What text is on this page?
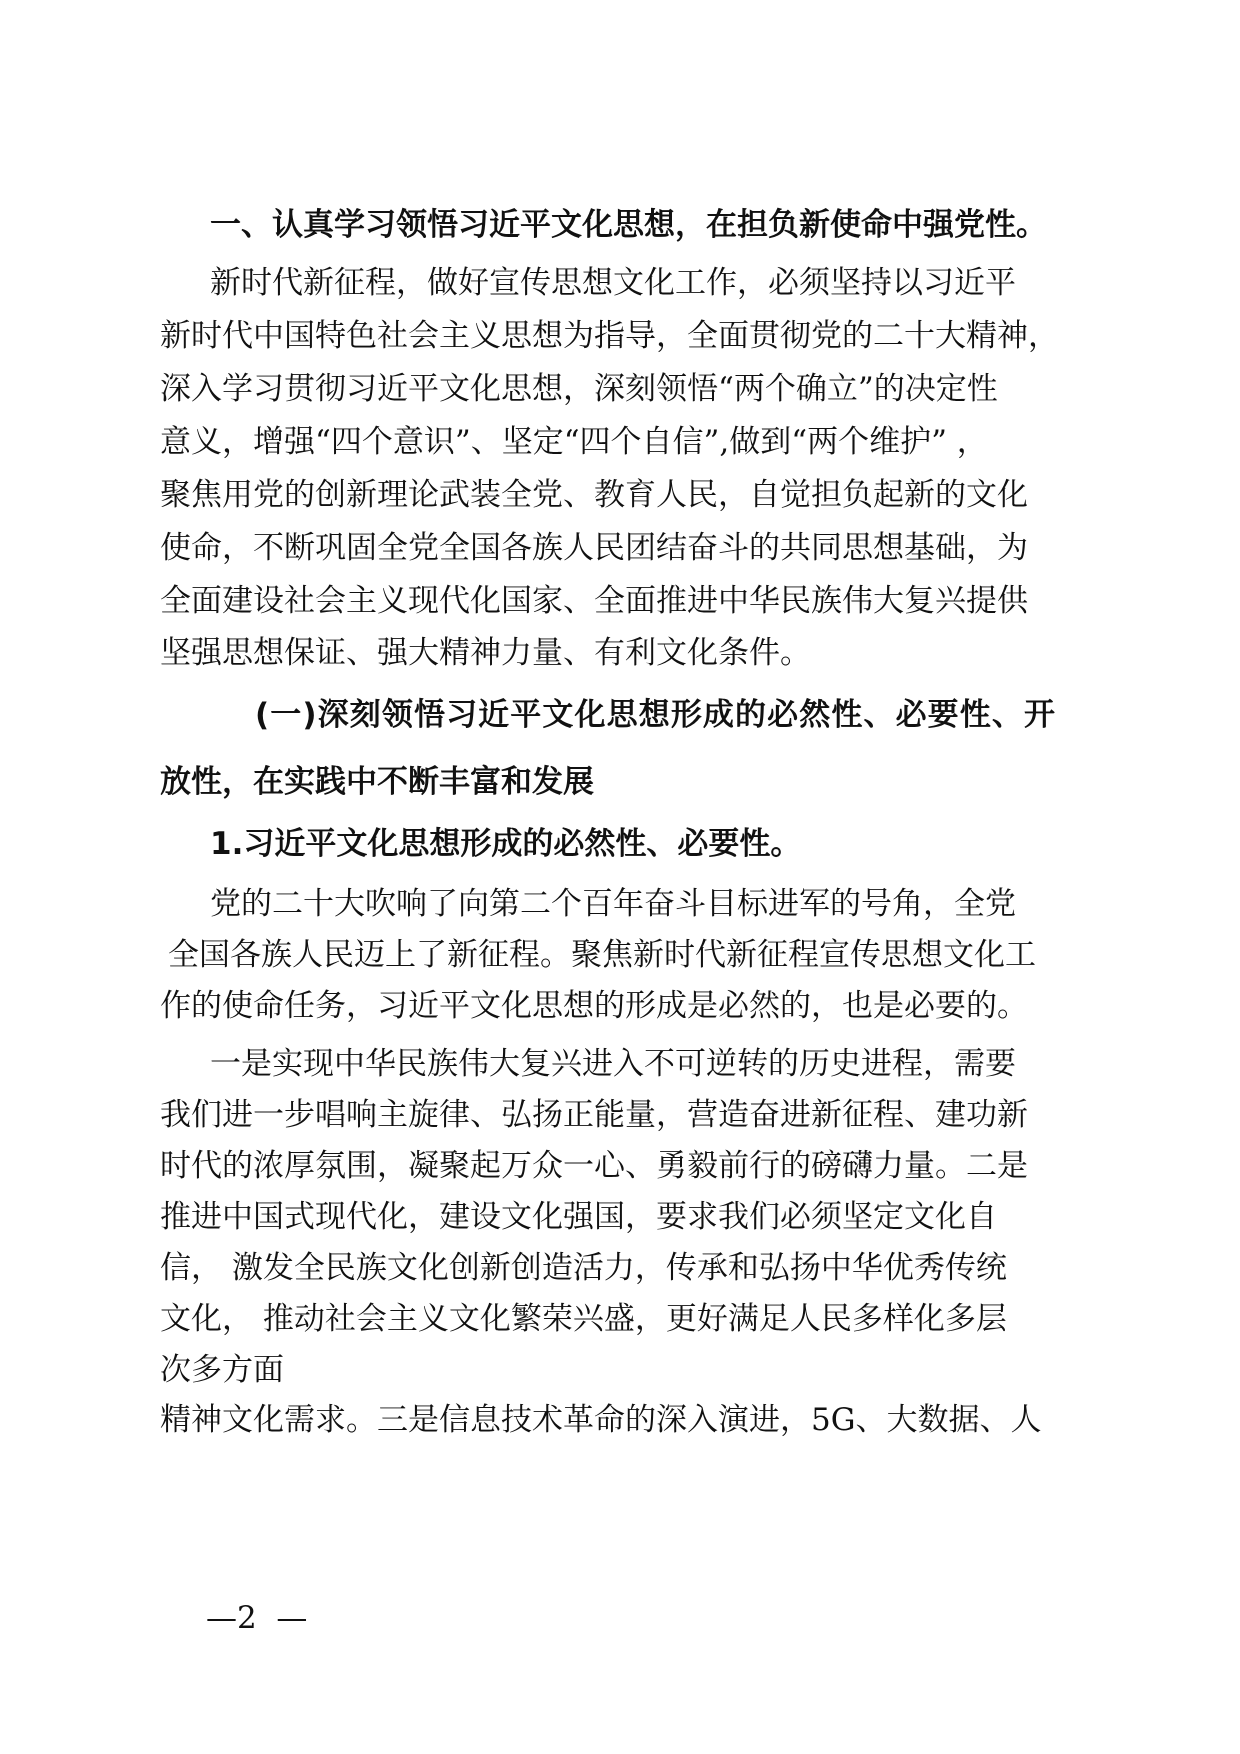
一、认真学习领悟习近平文化思想，在担负新使命中强党性。

新时代新征程，做好宣传思想文化工作，必须坚持以习近平

新时代中国特色社会主义思想为指导，全面贯彻党的二十大精神，

深入学习贯彻习近平文化思想，深刻领悟“两个确立”的决定性

意义，增强“四个意识”、坚定“四个自信”,做到“两个维护” ，

聚焦用党的创新理论武装全党、教育人民，自觉担负起新的文化

使命，不断巩固全党全国各族人民团结奋斗的共同思想基础，为

全面建设社会主义现代化国家、全面推进中华民族伟大复兴提供

坚强思想保证、强大精神力量、有利文化条件。

(一)深刻领悟习近平文化思想形成的必然性、必要性、开

放性，在实践中不断丰富和发展

1.习近平文化思想形成的必然性、必要性。

党的二十大吹响了向第二个百年奋斗目标进军的号角，全党

全国各族人民迈上了新征程。聚焦新时代新征程宣传思想文化工

作的使命任务，习近平文化思想的形成是必然的，也是必要的。

一是实现中华民族伟大复兴进入不可逆转的历史进程，需要

我们进一步唱响主旋律、弘扬正能量，营造奋进新征程、建功新

时代的浓厚氛围，凝聚起万众一心、勇毅前行的磅礴力量。二是

推进中国式现代化，建设文化强国，要求我们必须坚定文化自

信， 激发全民族文化创新创造活力，传承和弘扬中华优秀传统

文化， 推动社会主义文化繁荣兴盛，更好满足人民多样化多层

次多方面

精神文化需求。三是信息技术革命的深入演进，5G、大数据、人

—2  —
